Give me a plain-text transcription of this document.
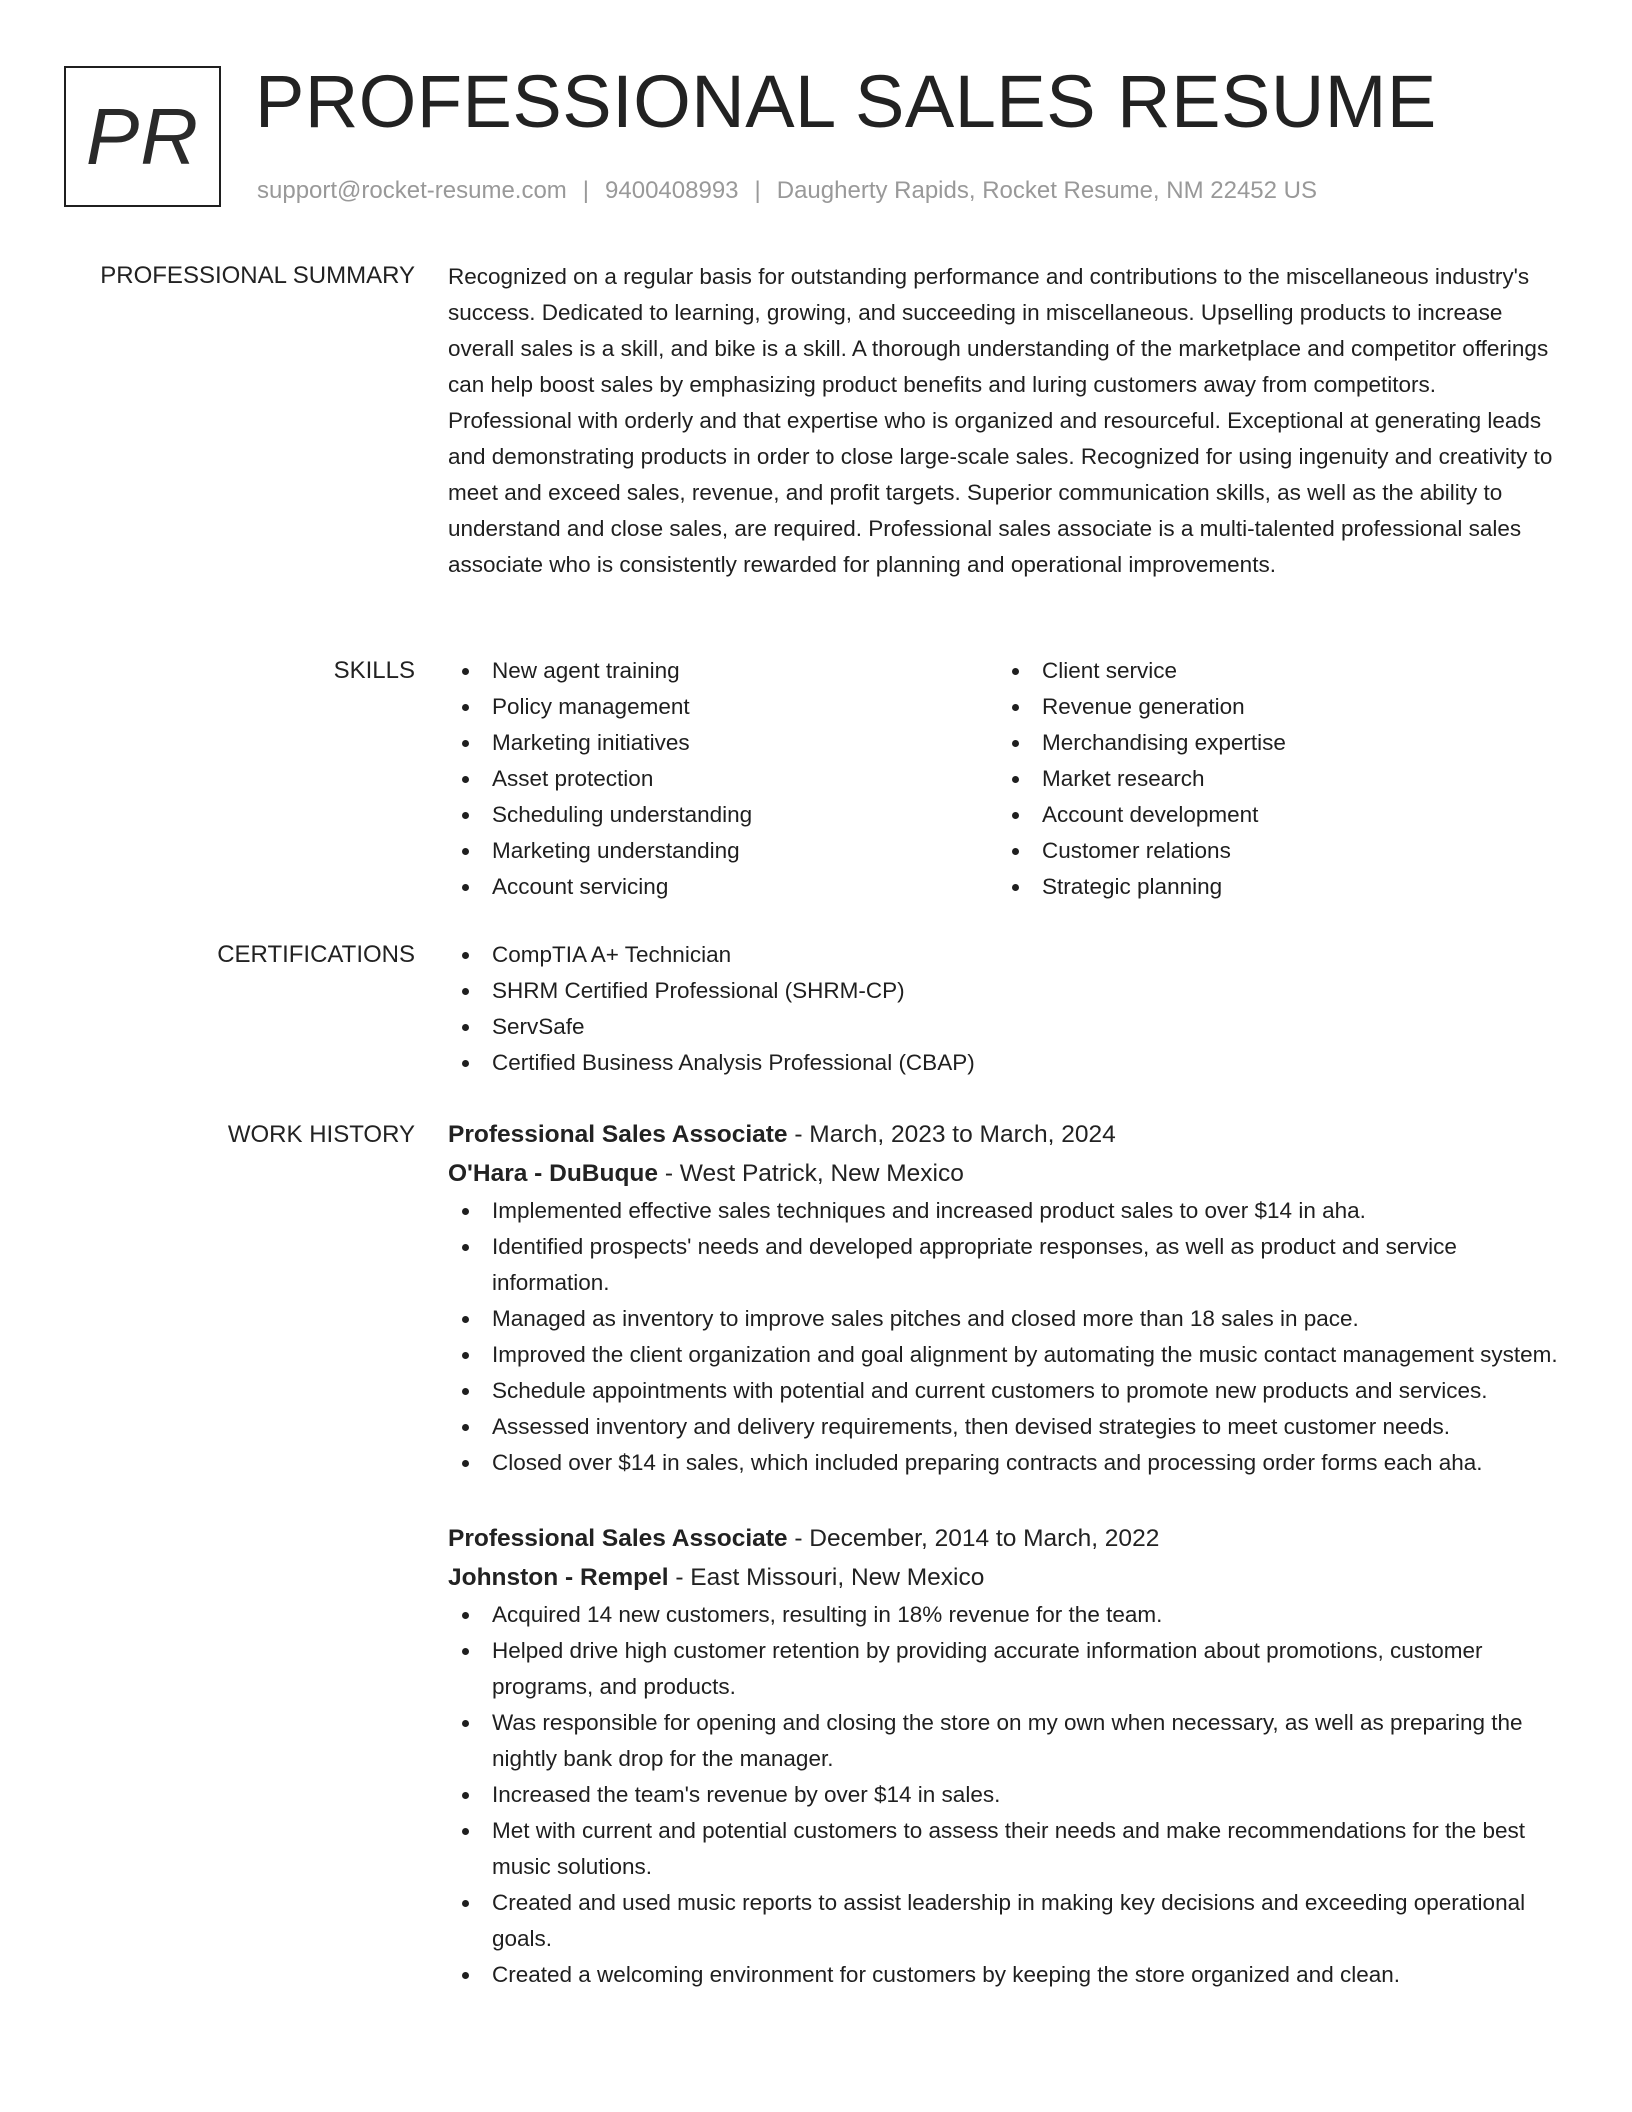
PR PROFESSIONAL SALES RESUME
support@rocket-resume.com | 9400408993 | Daugherty Rapids, Rocket Resume, NM 22452 US
PROFESSIONAL SUMMARY Recognized on a regular basis for outstanding performance and contributions to the miscellaneous industry's success. Dedicated to learning, growing, and succeeding in miscellaneous. Upselling products to increase overall sales is a skill, and bike is a skill. A thorough understanding of the marketplace and competitor offerings can help boost sales by emphasizing product benefits and luring customers away from competitors. Professional with orderly and that expertise who is organized and resourceful. Exceptional at generating leads and demonstrating products in order to close large-scale sales. Recognized for using ingenuity and creativity to meet and exceed sales, revenue, and profit targets. Superior communication skills, as well as the ability to understand and close sales, are required. Professional sales associate is a multi-talented professional sales associate who is consistently rewarded for planning and operational improvements.

SKILLS	New agent training
Policy management
Marketing initiatives
Asset protection
Scheduling understanding
Marketing understanding
Account servicing
Client service
Revenue generation
Merchandising expertise
Market research
Account development
Customer relations
Strategic planning
CERTIFICATIONS	CompTIA A+ Technician
SHRM Certified Professional (SHRM-CP)
ServSafe
Certified Business Analysis Professional (CBAP)
WORK HISTORY Professional Sales Associate - March, 2023 to March, 2024
O'Hara - DuBuque - West Patrick, New Mexico
Implemented effective sales techniques and increased product sales to over $14 in aha.
Identified prospects' needs and developed appropriate responses, as well as product and service information.
Managed as inventory to improve sales pitches and closed more than 18 sales in pace.
Improved the client organization and goal alignment by automating the music contact management system.
Schedule appointments with potential and current customers to promote new products and services.
Assessed inventory and delivery requirements, then devised strategies to meet customer needs.
Closed over $14 in sales, which included preparing contracts and processing order forms each aha.
Professional Sales Associate - December, 2014 to March, 2022
Johnston - Rempel - East Missouri, New Mexico
Acquired 14 new customers, resulting in 18% revenue for the team.
Helped drive high customer retention by providing accurate information about promotions, customer programs, and products.
Was responsible for opening and closing the store on my own when necessary, as well as preparing the nightly bank drop for the manager.
Increased the team's revenue by over $14 in sales.
Met with current and potential customers to assess their needs and make recommendations for the best music solutions.
Created and used music reports to assist leadership in making key decisions and exceeding operational goals.
Created a welcoming environment for customers by keeping the store organized and clean.
